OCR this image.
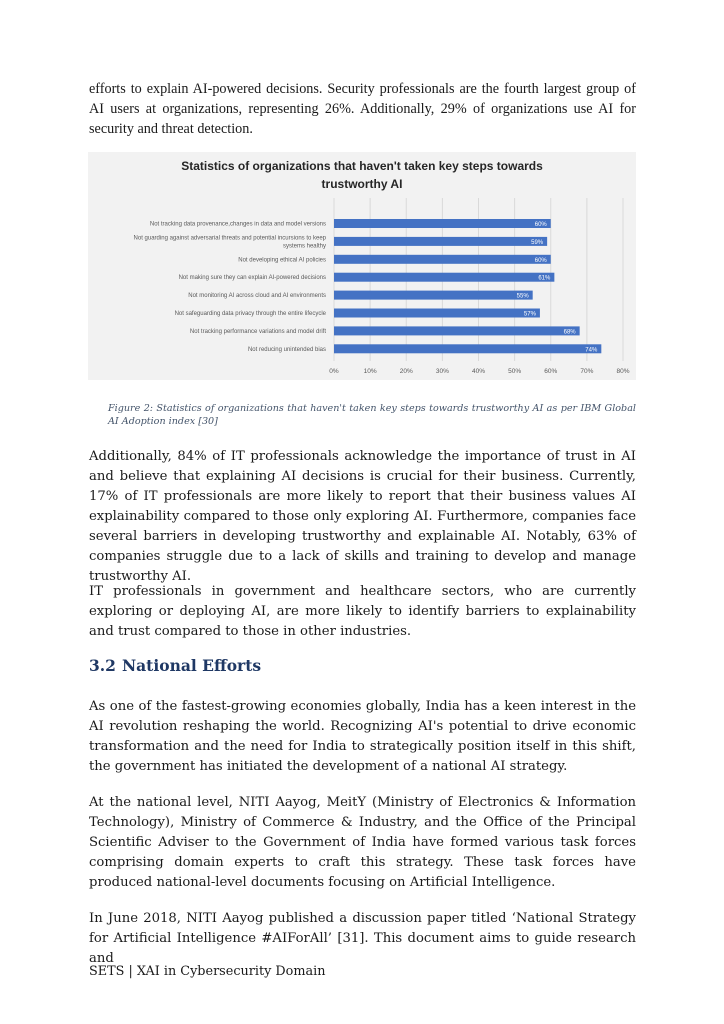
efforts to explain AI-powered decisions. Security professionals are the fourth largest group of AI users at organizations, representing 26%. Additionally, 29% of organizations use AI for security and threat detection.

Statistics of organizations that haven't taken key steps towards
trustworthy AI
0%	10%	20%	30%	40%	50%	60%	70%	80%
Not tracking data provenance,changes in data and model versions
Not guarding against adversarial threats and potential incursions to keep
systems healthy
Not developing ethical AI policies
Not making sure they can explain AI-powered decisions
Not monitoring AI across cloud and AI environments
Not safeguarding data privacy through the entire lifecycle
Not tracking performance variations and model drift
Not reducing unintended bias
60%
59%
60%
61%
55%
57%
68%
74%

Figure 2: Statistics of organizations that haven't taken key steps towards trustworthy AI as per IBM Global AI Adoption index [30]

Additionally, 84% of IT professionals acknowledge the importance of trust in AI and believe that explaining AI decisions is crucial for their business. Currently, 17% of IT professionals are more likely to report that their business values AI explainability compared to those only exploring AI. Furthermore, companies face several barriers in developing trustworthy and explainable AI. Notably, 63% of companies struggle due to a lack of skills and training to develop and manage trustworthy AI.

IT professionals in government and healthcare sectors, who are currently exploring or deploying AI, are more likely to identify barriers to explainability and trust compared to those in other industries.

3.2 National Efforts

As one of the fastest-growing economies globally, India has a keen interest in the AI revolution reshaping the world. Recognizing AI's potential to drive economic transformation and the need for India to strategically position itself in this shift, the government has initiated the development of a national AI strategy.

At the national level, NITI Aayog, MeitY (Ministry of Electronics & Information Technology), Ministry of Commerce & Industry, and the Office of the Principal Scientific Adviser to the Government of India have formed various task forces comprising domain experts to craft this strategy. These task forces have produced national-level documents focusing on Artificial Intelligence.

In June 2018, NITI Aayog published a discussion paper titled ‘National Strategy for Artificial Intelligence #AIForAll’ [31]. This document aims to guide research and

SETS | XAI in Cybersecurity Domain
